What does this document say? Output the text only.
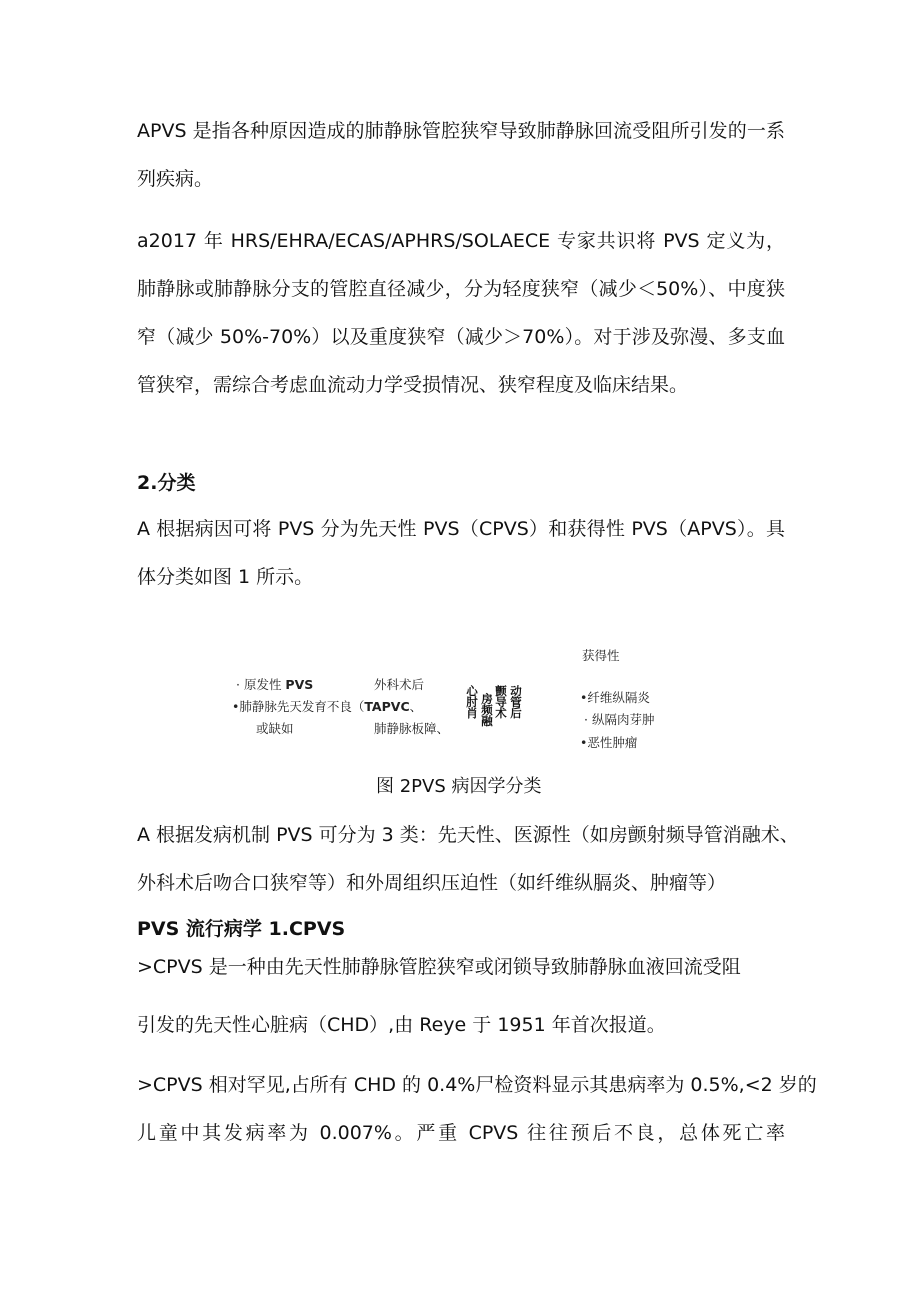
APVS 是指各种原因造成的肺静脉管腔狭窄导致肺静脉回流受阻所引发的一系
列疾病。
a2017 年 HRS/EHRA/ECAS/APHRS/SOLAECE 专家共识将 PVS 定义为，
肺静脉或肺静脉分支的管腔直径减少，分为轻度狭窄（减少＜50%）、中度狭
窄（减少 50%-70%）以及重度狭窄（减少＞70%）。对于涉及弥漫、多支血
管狭窄，需综合考虑血流动力学受损情况、狭窄程度及临床结果。
2.分类
A 根据病因可将 PVS 分为先天性 PVS（CPVS）和获得性 PVS（APVS）。具
体分类如图 1 所示。
获得性
· 原发性 PVS
•肺静脉先天发育不良（TAPVC、
或缺如
外科术后
肺静脉板障、
心肘肖
房频融
颤导术
动管后
•纤维纵隔炎
· 纵隔肉芽肿
•恶性肿瘤
图 2PVS 病因学分类
A 根据发病机制 PVS 可分为 3 类：先天性、医源性（如房颤射频导管消融术、
外科术后吻合口狭窄等）和外周组织压迫性（如纤维纵膈炎、肿瘤等）
PVS 流行病学 1.CPVS
>CPVS 是一种由先天性肺静脉管腔狭窄或闭锁导致肺静脉血液回流受阻
引发的先天性心脏病（CHD）,由 Reye 于 1951 年首次报道。
>CPVS 相对罕见,占所有 CHD 的 0.4%尸检资料显示其患病率为 0.5%,<2 岁的
儿童中其发病率为 0.007%。严重 CPVS 往往预后不良，总体死亡率
